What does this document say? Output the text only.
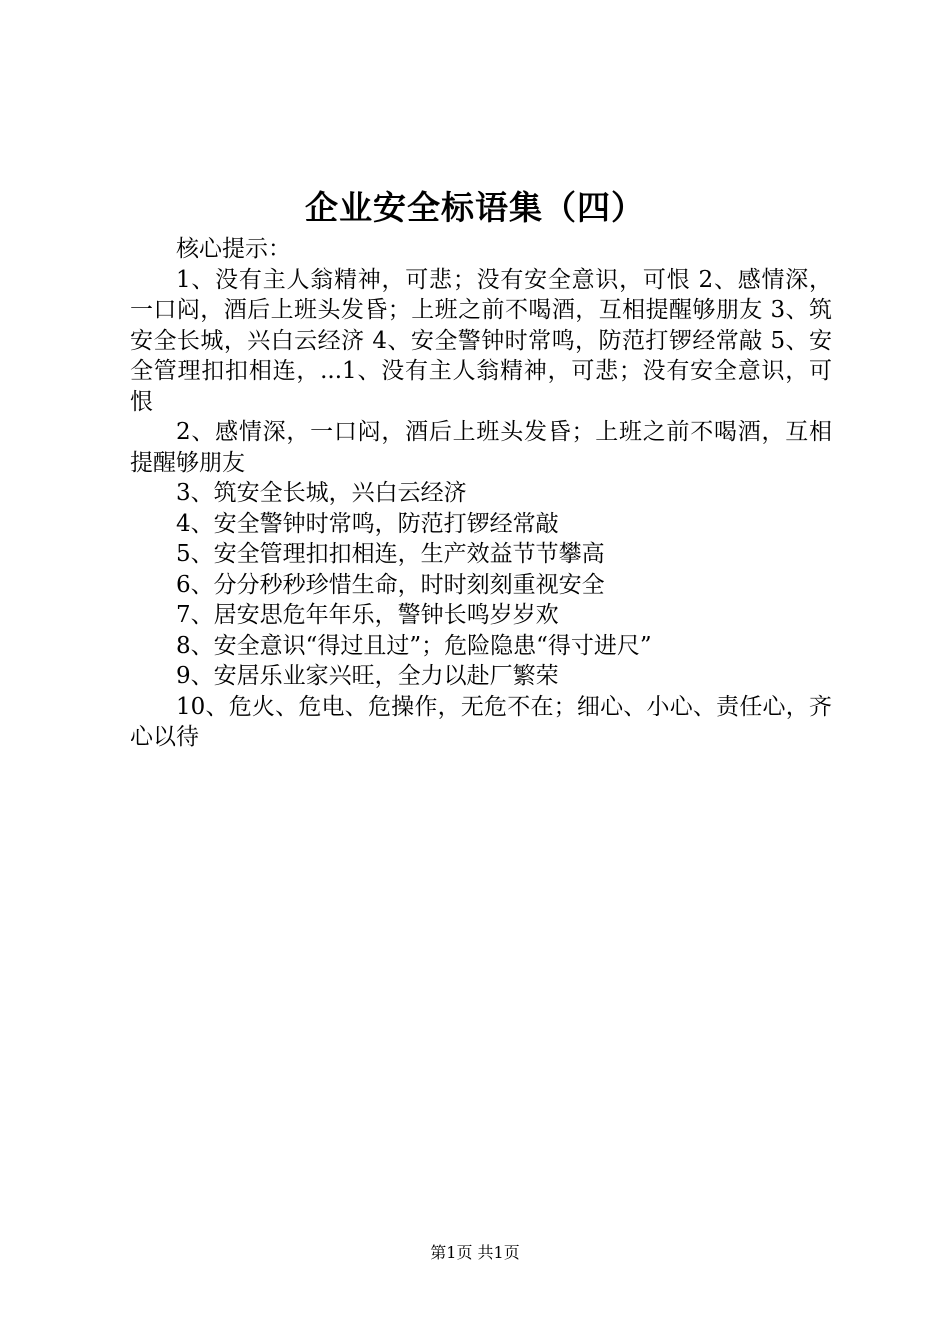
企业安全标语集（四）

核心提示：

1、没有主人翁精神，可悲；没有安全意识，可恨 2、感情深，一口闷，酒后上班头发昏；上班之前不喝酒，互相提醒够朋友 3、筑安全长城，兴白云经济 4、安全警钟时常鸣，防范打锣经常敲 5、安全管理扣扣相连，...1、没有主人翁精神，可悲；没有安全意识，可恨

2、感情深，一口闷，酒后上班头发昏；上班之前不喝酒，互相提醒够朋友

3、筑安全长城，兴白云经济

4、安全警钟时常鸣，防范打锣经常敲

5、安全管理扣扣相连，生产效益节节攀高

6、分分秒秒珍惜生命，时时刻刻重视安全

7、居安思危年年乐，警钟长鸣岁岁欢

8、安全意识“得过且过”；危险隐患“得寸进尺”

9、安居乐业家兴旺，全力以赴厂繁荣

10、危火、危电、危操作，无危不在；细心、小心、责任心，齐心以待

第1页 共1页
